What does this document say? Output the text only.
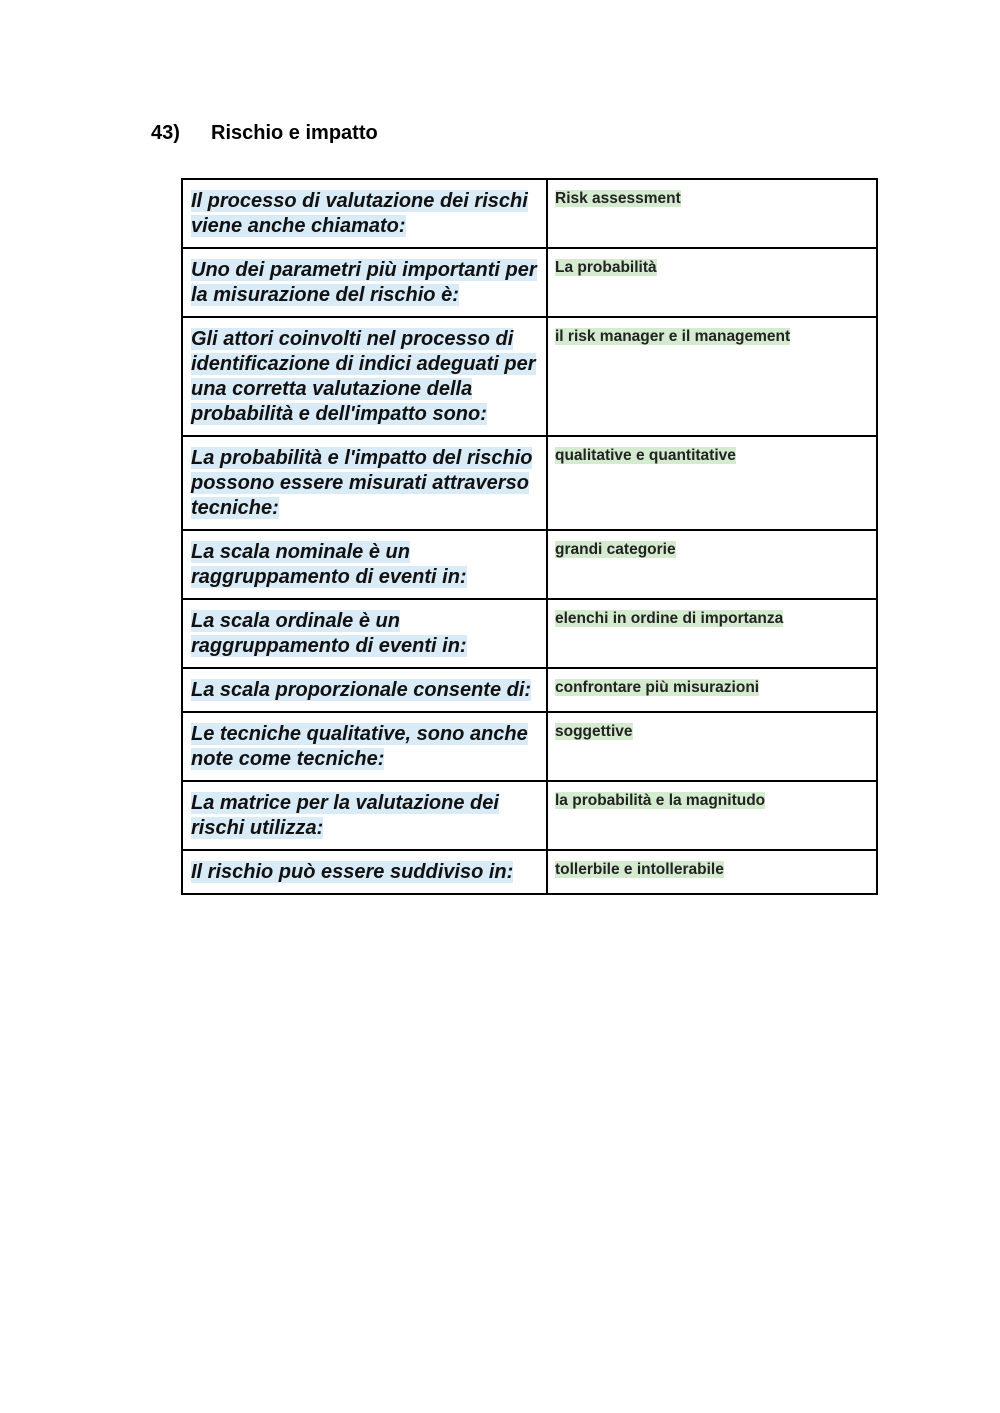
43) Rischio e impatto
Il processo di valutazione dei rischi viene anche chiamato:	Risk assessment
Uno dei parametri più importanti per la misurazione del rischio è:	La probabilità
Gli attori coinvolti nel processo di identificazione di indici adeguati per una corretta valutazione della probabilità e dell'impatto sono:	il risk manager e il management
La probabilità e l'impatto del rischio possono essere misurati attraverso tecniche:	qualitative e quantitative
La scala nominale è un raggruppamento di eventi in:	grandi categorie
La scala ordinale è un raggruppamento di eventi in:	elenchi in ordine di importanza
La scala proporzionale consente di:	confrontare più misurazioni
Le tecniche qualitative, sono anche note come tecniche:	soggettive
La matrice per la valutazione dei rischi utilizza:	la probabilità e la magnitudo
Il rischio può essere suddiviso in:	tollerbile e intollerabile
